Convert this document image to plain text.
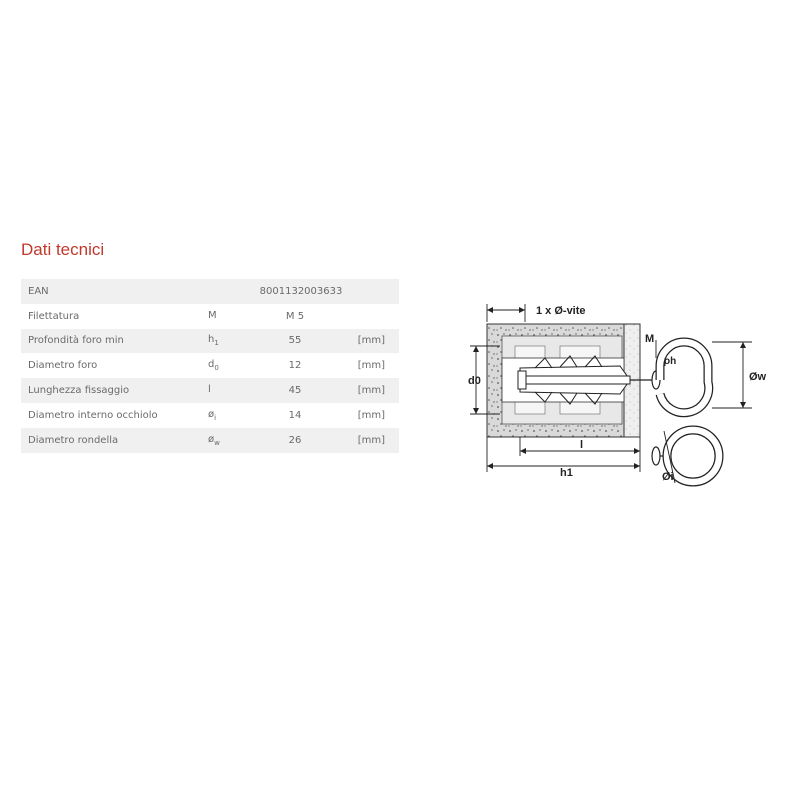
Dati tecnici
EAN	8001132003633		
Filettatura	M	M 5	
Profondità foro min	$h_1$	55	[mm]
Diametro foro	$d_0$	12	[mm]
Lunghezza fissaggio	l	45	[mm]
Diametro interno occhiolo	$ø_i$	14	[mm]
Diametro rondella	$ø_w$	26	[mm]
1 x Ø-vite
M
oh
d0	Øw
l
h1	Øi
